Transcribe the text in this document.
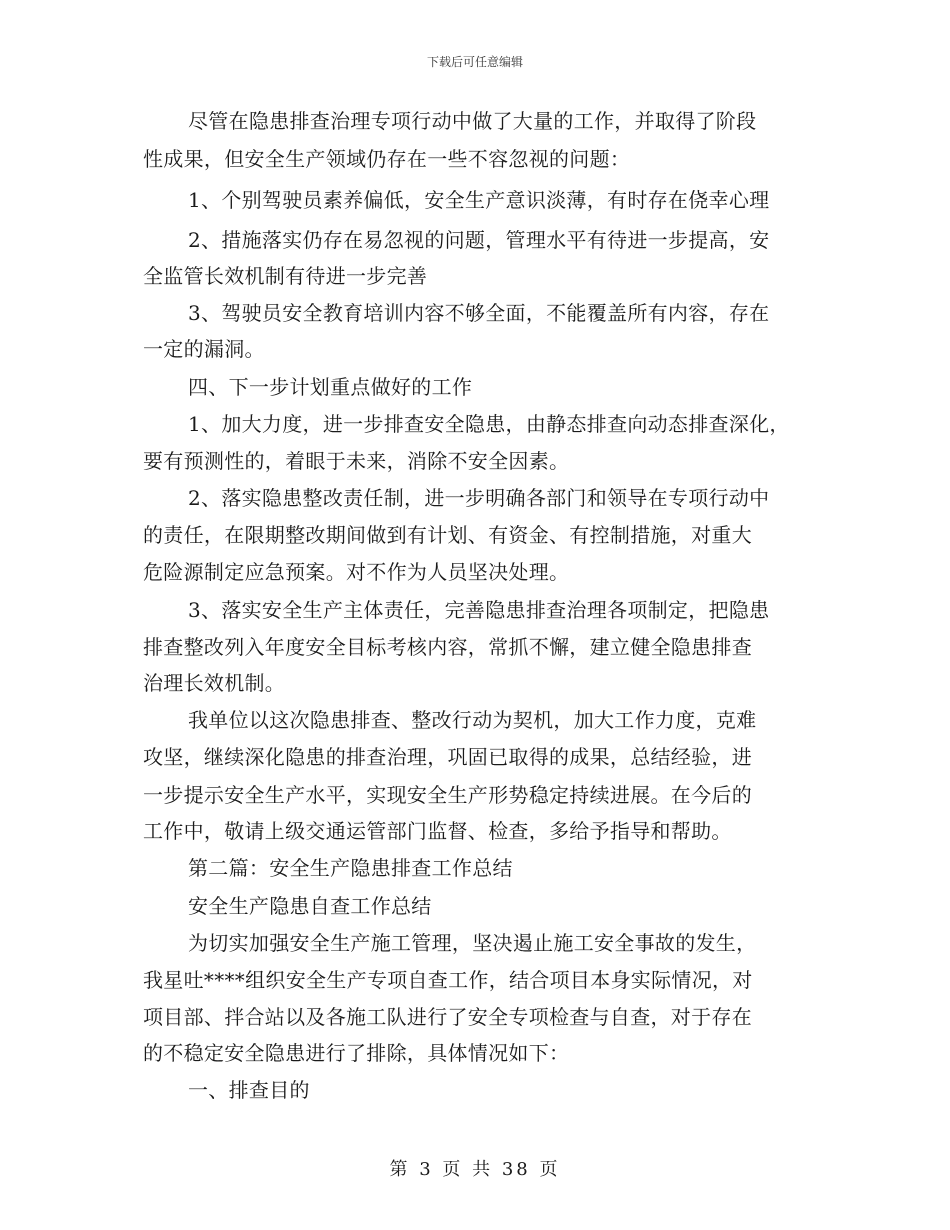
下载后可任意编辑
尽管在隐患排查治理专项行动中做了大量的工作，并取得了阶段
性成果，但安全生产领域仍存在一些不容忽视的问题：
1、个别驾驶员素养偏低，安全生产意识淡薄，有时存在侥幸心理
2、措施落实仍存在易忽视的问题，管理水平有待进一步提高，安
全监管长效机制有待进一步完善
3、驾驶员安全教育培训内容不够全面，不能覆盖所有内容，存在
一定的漏洞。
四、下一步计划重点做好的工作
1、加大力度，进一步排查安全隐患，由静态排查向动态排查深化，
要有预测性的，着眼于未来，消除不安全因素。
2、落实隐患整改责任制，进一步明确各部门和领导在专项行动中
的责任，在限期整改期间做到有计划、有资金、有控制措施，对重大
危险源制定应急预案。对不作为人员坚决处理。
3、落实安全生产主体责任，完善隐患排查治理各项制定，把隐患
排查整改列入年度安全目标考核内容，常抓不懈，建立健全隐患排查
治理长效机制。
我单位以这次隐患排查、整改行动为契机，加大工作力度，克难
攻坚，继续深化隐患的排查治理，巩固已取得的成果，总结经验，进
一步提示安全生产水平，实现安全生产形势稳定持续进展。在今后的
工作中，敬请上级交通运管部门监督、检查，多给予指导和帮助。
第二篇：安全生产隐患排查工作总结
安全生产隐患自查工作总结
为切实加强安全生产施工管理，坚决遏止施工安全事故的发生，
我星吐****组织安全生产专项自查工作，结合项目本身实际情况，对
项目部、拌合站以及各施工队进行了安全专项检查与自查，对于存在
的不稳定安全隐患进行了排除，具体情况如下：
一、排查目的
第 3 页 共 38 页
